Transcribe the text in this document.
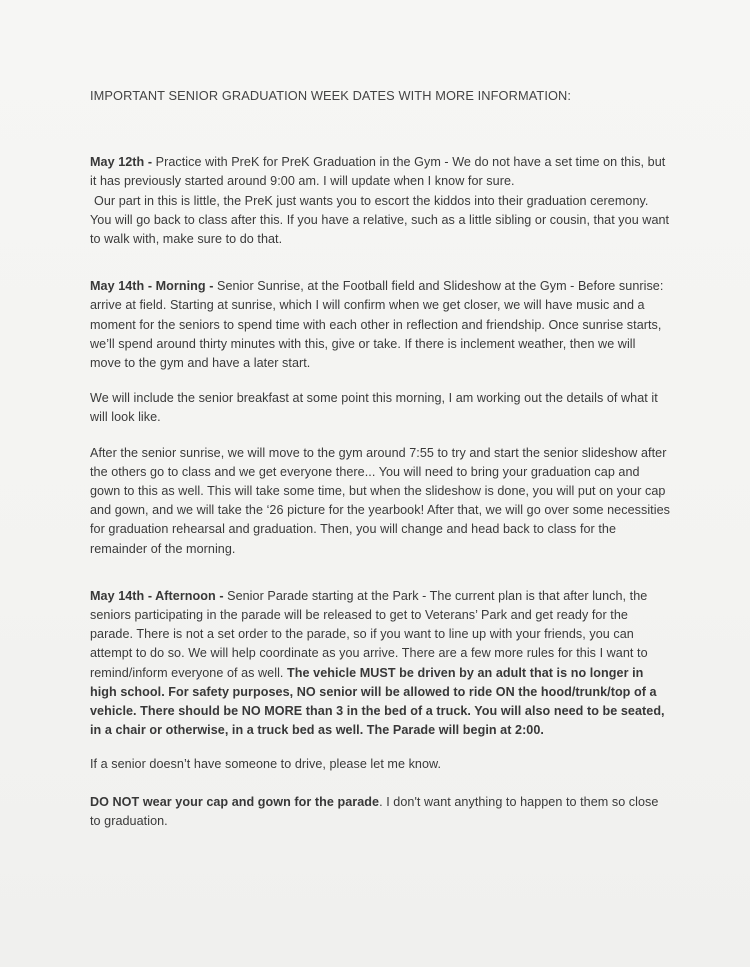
IMPORTANT SENIOR GRADUATION WEEK DATES WITH MORE INFORMATION:

May 12th - Practice with PreK for PreK Graduation in the Gym - We do not have a set time on this, but it has previously started around 9:00 am. I will update when I know for sure.
Our part in this is little, the PreK just wants you to escort the kiddos into their graduation ceremony. You will go back to class after this. If you have a relative, such as a little sibling or cousin, that you want to walk with, make sure to do that.

May 14th - Morning - Senior Sunrise, at the Football field and Slideshow at the Gym - Before sunrise: arrive at field. Starting at sunrise, which I will confirm when we get closer, we will have music and a moment for the seniors to spend time with each other in reflection and friendship. Once sunrise starts, we’ll spend around thirty minutes with this, give or take. If there is inclement weather, then we will move to the gym and have a later start.

We will include the senior breakfast at some point this morning, I am working out the details of what it will look like.

After the senior sunrise, we will move to the gym around 7:55 to try and start the senior slideshow after the others go to class and we get everyone there... You will need to bring your graduation cap and gown to this as well. This will take some time, but when the slideshow is done, you will put on your cap and gown, and we will take the ‘26 picture for the yearbook! After that, we will go over some necessities for graduation rehearsal and graduation. Then, you will change and head back to class for the remainder of the morning.

May 14th - Afternoon - Senior Parade starting at the Park - The current plan is that after lunch, the seniors participating in the parade will be released to get to Veterans’ Park and get ready for the parade. There is not a set order to the parade, so if you want to line up with your friends, you can attempt to do so. We will help coordinate as you arrive. There are a few more rules for this I want to remind/inform everyone of as well. The vehicle MUST be driven by an adult that is no longer in high school. For safety purposes, NO senior will be allowed to ride ON the hood/trunk/top of a vehicle. There should be NO MORE than 3 in the bed of a truck. You will also need to be seated, in a chair or otherwise, in a truck bed as well. The Parade will begin at 2:00.

If a senior doesn’t have someone to drive, please let me know.

DO NOT wear your cap and gown for the parade. I don't want anything to happen to them so close to graduation.
